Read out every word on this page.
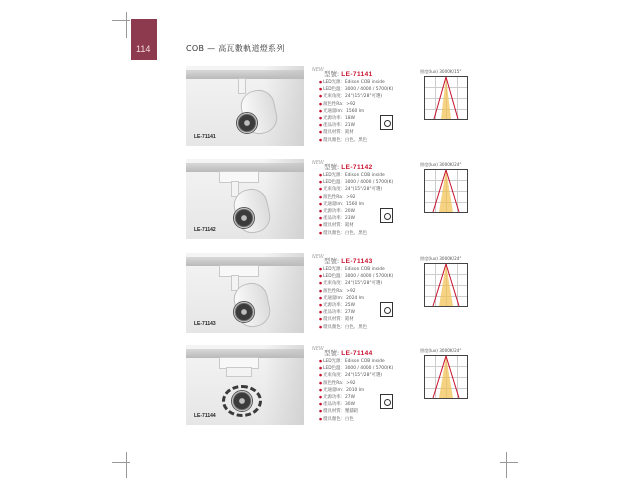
114	COB — 高瓦數軌道燈系列
LE-71141
NEW 型號: LE-71141
● LED光源：Edison COB inside
● LED色溫：3000 / 4000 / 5700(K)
● 光束角度：24°(15°/28°可選)
● 演色性Ra：>92
● 光通量lm：1560 lm
● 光源功率：18W
● 產品功率：21W
● 燈具材質：鋁材
● 燈具顏色：白色、黑色
照度(lux) 3000K/15°
LE-71142
NEW 型號: LE-71142
● LED光源：Edison COB inside
● LED色溫：3000 / 4000 / 5700(K)
● 光束角度：24°(15°/28°可選)
● 演色性Ra：>92
● 光通量lm：1560 lm
● 光源功率：20W
● 產品功率：23W
● 燈具材質：鋁材
● 燈具顏色：白色、黑色
照度(lux) 3000K/24°
LE-71143
NEW 型號: LE-71143
● LED光源：Edison COB inside
● LED色溫：3000 / 4000 / 5700(K)
● 光束角度：24°(15°/28°可選)
● 演色性Ra：>92
● 光通量lm：2024 lm
● 光源功率：25W
● 產品功率：27W
● 燈具材質：鋁材
● 燈具顏色：白色、黑色
照度(lux) 3000K/24°
LE-71144
NEW 型號: LE-71144
● LED光源：Edison COB inside
● LED色溫：3000 / 4000 / 5700(K)
● 光束角度：24°(15°/28°可選)
● 演色性Ra：>92
● 光通量lm：2010 lm
● 光源功率：27W
● 產品功率：30W
● 燈具材質：壓鑄鋁
● 燈具顏色：白色
照度(lux) 3000K/24°
